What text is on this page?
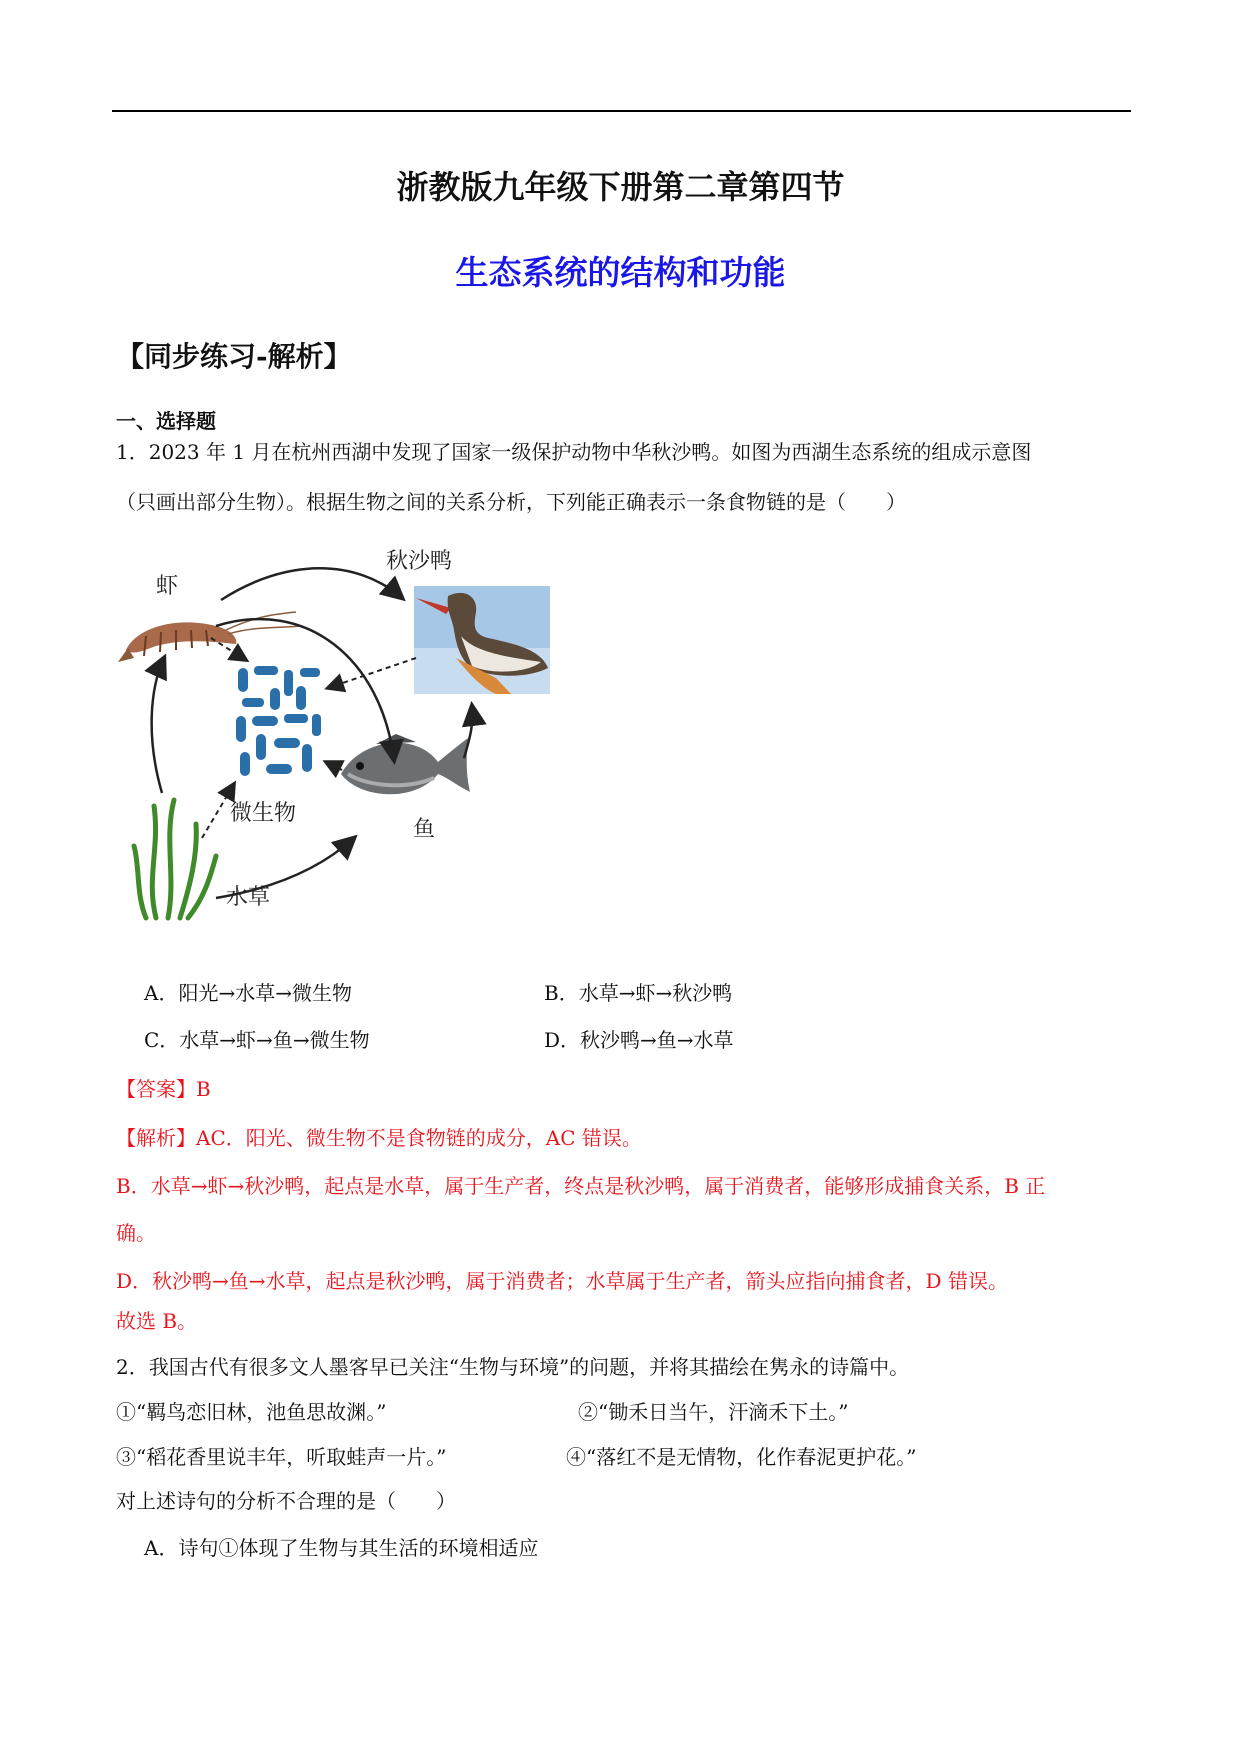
浙教版九年级下册第二章第四节
生态系统的结构和功能
【同步练习-解析】
一、选择题
1．2023 年 1 月在杭州西湖中发现了国家一级保护动物中华秋沙鸭。如图为西湖生态系统的组成示意图
（只画出部分生物）。根据生物之间的关系分析，下列能正确表示一条食物链的是（　　）
虾
秋沙鸭
微生物
鱼
水草
A．阳光→水草→微生物	B．水草→虾→秋沙鸭
C．水草→虾→鱼→微生物	D．秋沙鸭→鱼→水草
【答案】B
【解析】AC．阳光、微生物不是食物链的成分，AC 错误。
B．水草→虾→秋沙鸭，起点是水草，属于生产者，终点是秋沙鸭，属于消费者，能够形成捕食关系，B 正
确。
D．秋沙鸭→鱼→水草，起点是秋沙鸭，属于消费者；水草属于生产者，箭头应指向捕食者，D 错误。
故选 B。
2．我国古代有很多文人墨客早已关注“生物与环境”的问题，并将其描绘在隽永的诗篇中。
①“羁鸟恋旧林，池鱼思故渊。”	②“锄禾日当午，汗滴禾下土。”
③“稻花香里说丰年，听取蛙声一片。”	④“落红不是无情物，化作春泥更护花。”
对上述诗句的分析不合理的是（　　）
A．诗句①体现了生物与其生活的环境相适应
